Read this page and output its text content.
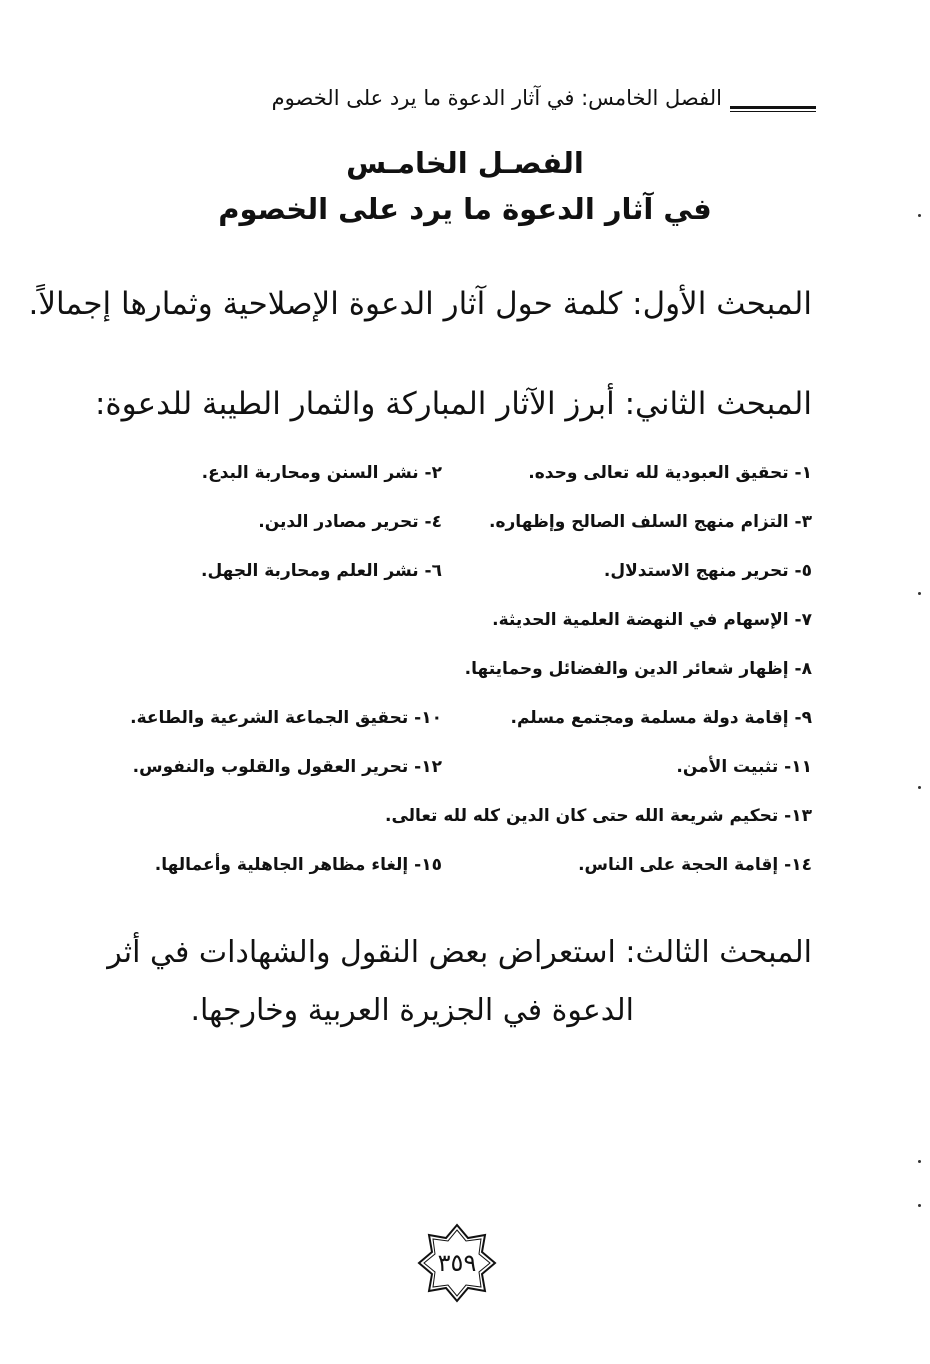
الفصل الخامس: في آثار الدعوة ما يرد على الخصوم
الفصـل الخامـس
في آثار الدعوة ما يرد على الخصوم
المبحث الأول: كلمة حول آثار الدعوة الإصلاحية وثمارها إجمالاً.
المبحث الثاني: أبرز الآثار المباركة والثمار الطيبة للدعوة:
١- تحقيق العبودية لله تعالى وحده.
٢- نشر السنن ومحاربة البدع.
٣- التزام منهج السلف الصالح وإظهاره.
٤- تحرير مصادر الدين.
٥- تحرير منهج الاستدلال.
٦- نشر العلم ومحاربة الجهل.
٧- الإسهام في النهضة العلمية الحديثة.
٨- إظهار شعائر الدين والفضائل وحمايتها.
٩- إقامة دولة مسلمة ومجتمع مسلم.
١٠- تحقيق الجماعة الشرعية والطاعة.
١١- تثبيت الأمن.
١٢- تحرير العقول والقلوب والنفوس.
١٣- تحكيم شريعة الله حتى كان الدين كله لله تعالى.
١٤- إقامة الحجة على الناس.
١٥- إلغاء مظاهر الجاهلية وأعمالها.
المبحث الثالث: استعراض بعض النقول والشهادات في أثر
الدعوة في الجزيرة العربية وخارجها.
٣٥٩
